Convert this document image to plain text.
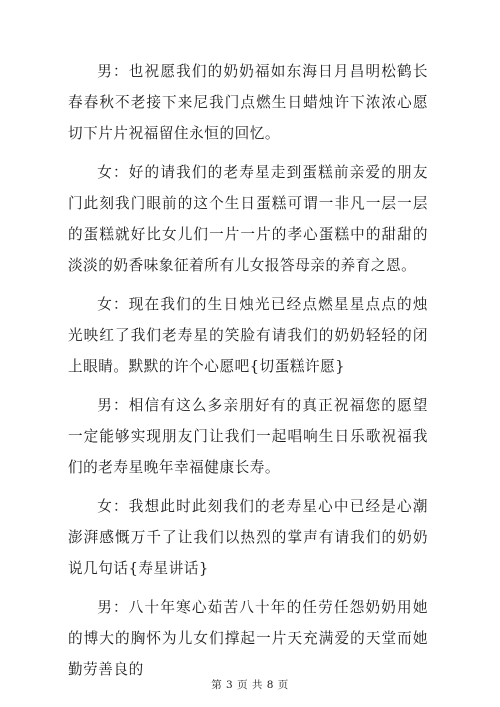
男：也祝愿我们的奶奶福如东海日月昌明松鹤长春春秋不老接下来尼我门点燃生日蜡烛许下浓浓心愿切下片片祝福留住永恒的回忆。

女：好的请我们的老寿星走到蛋糕前亲爱的朋友门此刻我门眼前的这个生日蛋糕可谓一非凡一层一层的蛋糕就好比女儿们一片一片的孝心蛋糕中的甜甜的淡淡的奶香味象征着所有儿女报答母亲的养育之恩。

女：现在我们的生日烛光已经点燃星星点点的烛光映红了我们老寿星的笑脸有请我们的奶奶轻轻的闭上眼睛。默默的许个心愿吧{切蛋糕许愿}

男：相信有这么多亲朋好有的真正祝福您的愿望一定能够实现朋友门让我们一起唱响生日乐歌祝福我们的老寿星晚年幸福健康长寿。

女：我想此时此刻我们的老寿星心中已经是心潮澎湃感慨万千了让我们以热烈的掌声有请我们的奶奶说几句话{寿星讲话}

男：八十年寒心茹苦八十年的任劳任怨奶奶用她的博大的胸怀为儿女们撑起一片天充满爱的天堂而她勤劳善良的

第 3 页 共 8 页
